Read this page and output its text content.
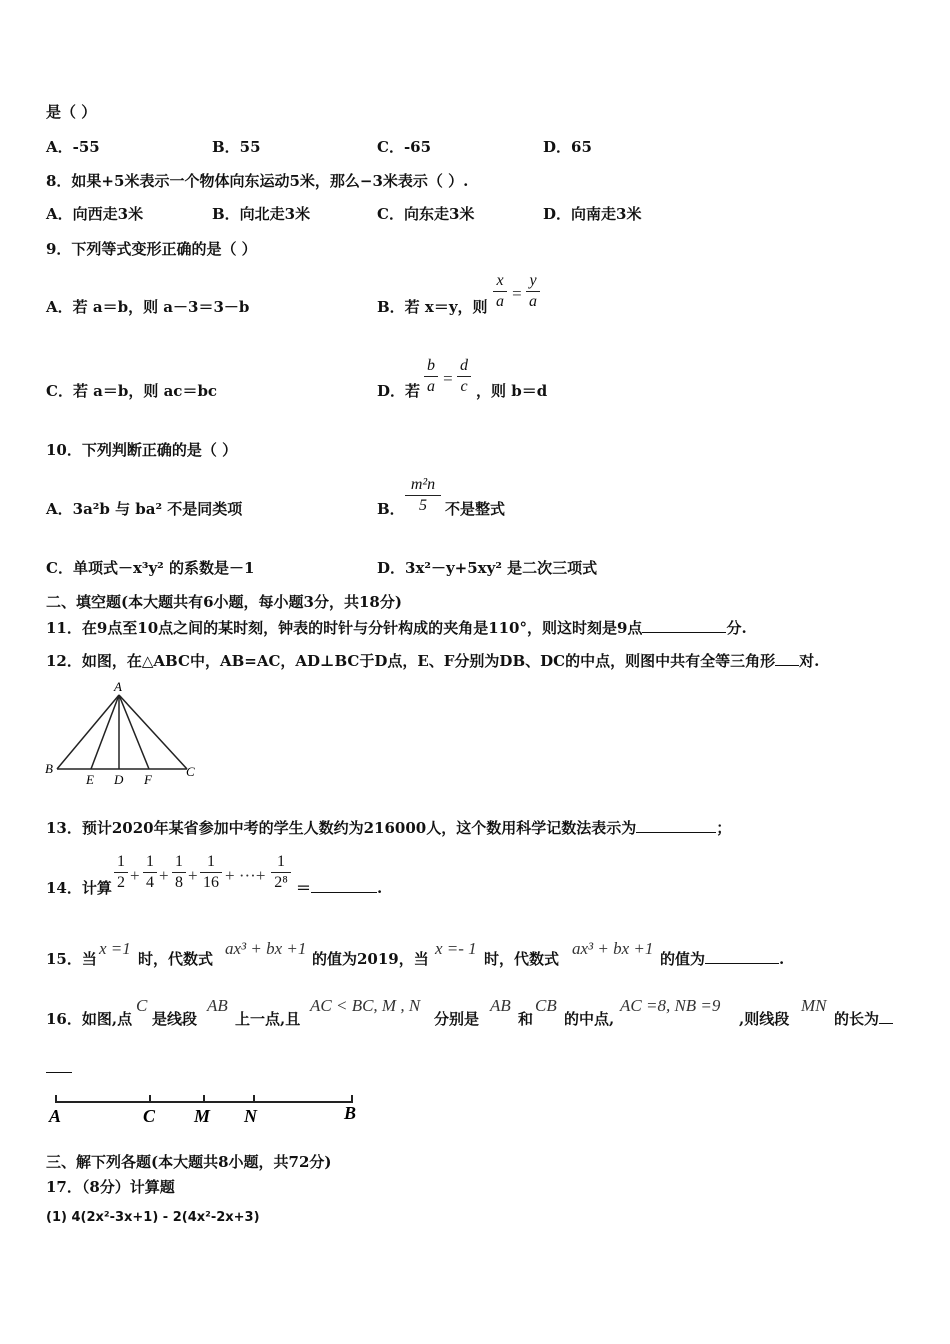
是（ ）
A．-55	B．55	C．-65	D．65
8．如果+5米表示一个物体向东运动5米，那么−3米表示（ ）.
A．向西走3米	B．向北走3米	C．向东走3米	D．向南走3米
9．下列等式变形正确的是（ ）
A．若 a＝b，则 a－3＝3－b	B．若 x＝y，则
x
a =
y
a
C．若 a＝b，则 ac＝bc	D．若
b
a =
d
c ，则 b＝d
10．下列判断正确的是（ ）
A．3a²b 与 ba² 不是同类项	B．
m²n
5	不是整式
C．单项式－x³y² 的系数是－1	D．3x²－y+5xy² 是二次三项式
二、填空题(本大题共有6小题，每小题3分，共18分)
11．在9点至10点之间的某时刻，钟表的时针与分针构成的夹角是110°，则这时刻是9点	分.
12．如图，在△ABC中，AB=AC，AD⊥BC于D点，E、F分别为DB、DC的中点，则图中共有全等三角形 对.
A
B
E D F
C
13．预计2020年某省参加中考的学生人数约为216000人，这个数用科学记数法表示为	；
14．计算
1
2 +
1
4 +
1
8 +
1
16 + ···+
1
2⁸ ＝	.
15．当
x =1
时，代数式
ax³ + bx +1
的值为2019，当
x =- 1
时，代数式
ax³ + bx +1
的值为	.
16．如图,点
C
是线段
AB
上一点,且
AC < BC, M , N
分别是
AB
和
CB
的中点,
AC =8, NB =9
,则线段
MN
的长为
A	C M N	B
三、解下列各题(本大题共8小题，共72分)
17．（8分）计算题
(1) 4(2x²-3x+1) - 2(4x²-2x+3)
